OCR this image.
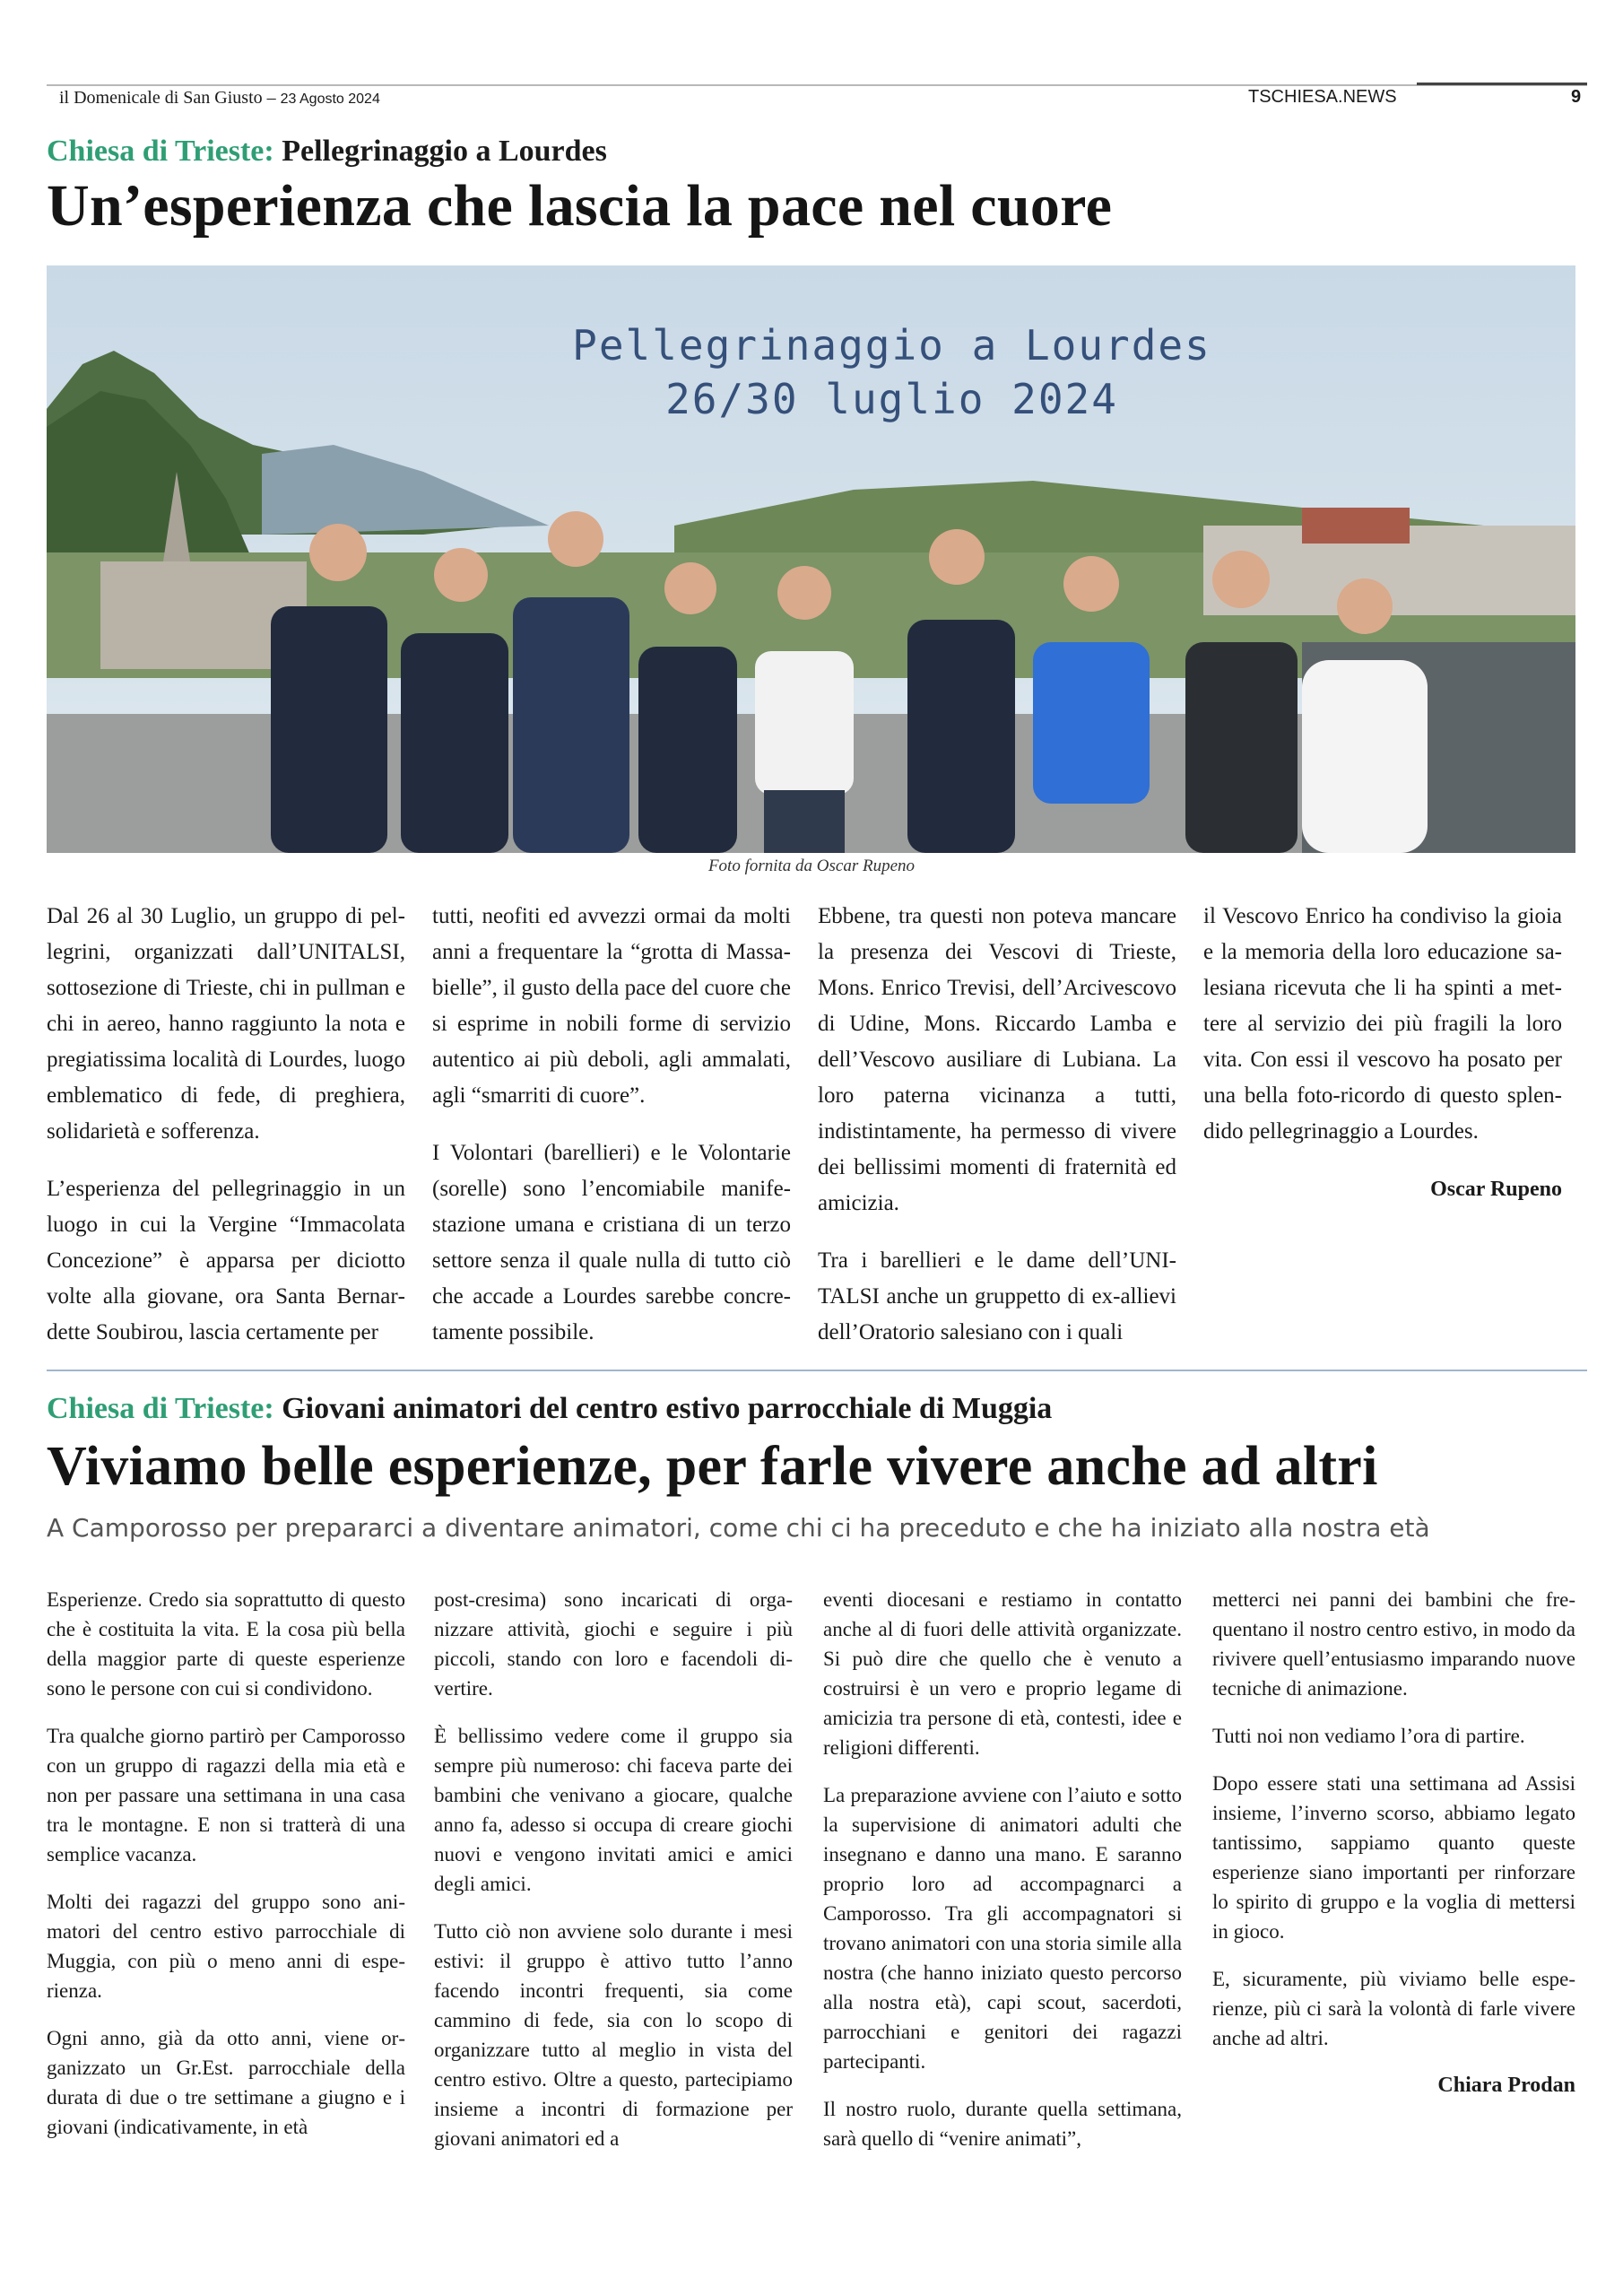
il Domenicale di San Giusto – 23 Agosto 2024	TSCHIESA.NEWS	9
Chiesa di Trieste: Pellegrinaggio a Lourdes
Un’esperienza che lascia la pace nel cuore
Pellegrinaggio a Lourdes
26/30 luglio 2024
Foto fornita da Oscar Rupeno

Dal 26 al 30 Luglio, un gruppo di pellegrini, organizzati dall’UNITALSI, sottosezione di Trieste, chi in pullman e chi in aereo, hanno raggiunto la nota e pregiatissima località di Lourdes, luogo emblematico di fede, di preghiera, solidarietà e sofferenza.

L’esperienza del pellegrinaggio in un luogo in cui la Vergine “Immacolata Concezione” è apparsa per diciotto volte alla giovane, ora Santa Bernardette Soubirou, lascia certamente per

tutti, neofiti ed avvezzi ormai da molti anni a frequentare la “grotta di Massabielle”, il gusto della pace del cuore che si esprime in nobili forme di servizio autentico ai più deboli, agli ammalati, agli “smarriti di cuore”.

I Volontari (barellieri) e le Volontarie (sorelle) sono l’encomiabile manifestazione umana e cristiana di un terzo settore senza il quale nulla di tutto ciò che accade a Lourdes sarebbe concretamente possibile.

Ebbene, tra questi non poteva mancare la presenza dei Vescovi di Trieste, Mons. Enrico Trevisi, dell’Arcivescovo di Udine, Mons. Riccardo Lamba e dell’Vescovo ausiliare di Lubiana. La loro paterna vicinanza a tutti, indistintamente, ha permesso di vivere dei bellissimi momenti di fraternità ed amicizia.

Tra i barellieri e le dame dell’UNITALSI anche un gruppetto di ex-allievi dell’Oratorio salesiano con i quali

il Vescovo Enrico ha condiviso la gioia e la memoria della loro educazione salesiana ricevuta che li ha spinti a mettere al servizio dei più fragili la loro vita. Con essi il vescovo ha posato per una bella foto-ricordo di questo splendido pellegrinaggio a Lourdes.

Oscar Rupeno
Chiesa di Trieste: Giovani animatori del centro estivo parrocchiale di Muggia
Viviamo belle esperienze, per farle vivere anche ad altri
A Camporosso per prepararci a diventare animatori, come chi ci ha preceduto e che ha iniziato alla nostra età

Esperienze. Credo sia soprattutto di questo che è costituita la vita. E la cosa più bella della maggior parte di queste esperienze sono le persone con cui si condividono.

Tra qualche giorno partirò per Camporosso con un gruppo di ragazzi della mia età e non per passare una settimana in una casa tra le montagne. E non si tratterà di una semplice vacanza.

Molti dei ragazzi del gruppo sono animatori del centro estivo parrocchiale di Muggia, con più o meno anni di esperienza.

Ogni anno, già da otto anni, viene organizzato un Gr.Est. parrocchiale della durata di due o tre settimane a giugno e i giovani (indicativamente, in età

post-cresima) sono incaricati di organizzare attività, giochi e seguire i più piccoli, stando con loro e facendoli divertire.

È bellissimo vedere come il gruppo sia sempre più numeroso: chi faceva parte dei bambini che venivano a giocare, qualche anno fa, adesso si occupa di creare giochi nuovi e vengono invitati amici e amici degli amici.

Tutto ciò non avviene solo durante i mesi estivi: il gruppo è attivo tutto l’anno facendo incontri frequenti, sia come cammino di fede, sia con lo scopo di organizzare tutto al meglio in vista del centro estivo. Oltre a questo, partecipiamo insieme a incontri di formazione per giovani animatori ed a

eventi diocesani e restiamo in contatto anche al di fuori delle attività organizzate. Si può dire che quello che è venuto a costruirsi è un vero e proprio legame di amicizia tra persone di età, contesti, idee e religioni differenti.

La preparazione avviene con l’aiuto e sotto la supervisione di animatori adulti che insegnano e danno una mano. E saranno proprio loro ad accompagnarci a Camporosso. Tra gli accompagnatori si trovano animatori con una storia simile alla nostra (che hanno iniziato questo percorso alla nostra età), capi scout, sacerdoti, parrocchiani e genitori dei ragazzi partecipanti.

Il nostro ruolo, durante quella settimana, sarà quello di “venire animati”,

metterci nei panni dei bambini che frequentano il nostro centro estivo, in modo da rivivere quell’entusiasmo imparando nuove tecniche di animazione.

Tutti noi non vediamo l’ora di partire.

Dopo essere stati una settimana ad Assisi insieme, l’inverno scorso, abbiamo legato tantissimo, sappiamo quanto queste esperienze siano importanti per rinforzare lo spirito di gruppo e la voglia di mettersi in gioco.

E, sicuramente, più viviamo belle esperienze, più ci sarà la volontà di farle vivere anche ad altri.

Chiara Prodan
